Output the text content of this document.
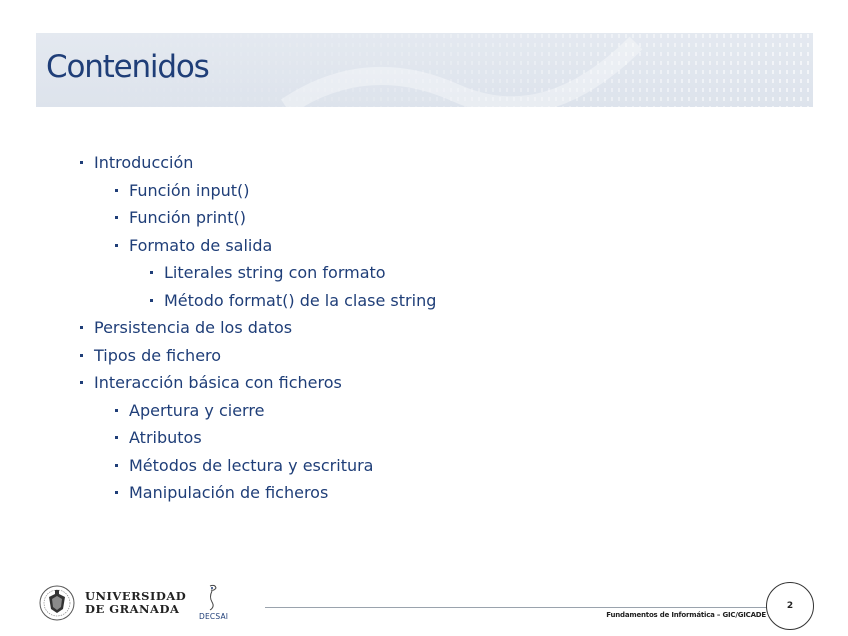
Contenidos
Introducción
Función input()
Función print()
Formato de salida
Literales string con formato
Método format() de la clase string
Persistencia de los datos
Tipos de fichero
Interacción básica con ficheros
Apertura y cierre
Atributos
Métodos de lectura y escritura
Manipulación de ficheros
UNIVERSIDAD
DE GRANADA
DECSAI	Fundamentos de Informática – GIC/GICADE
2
